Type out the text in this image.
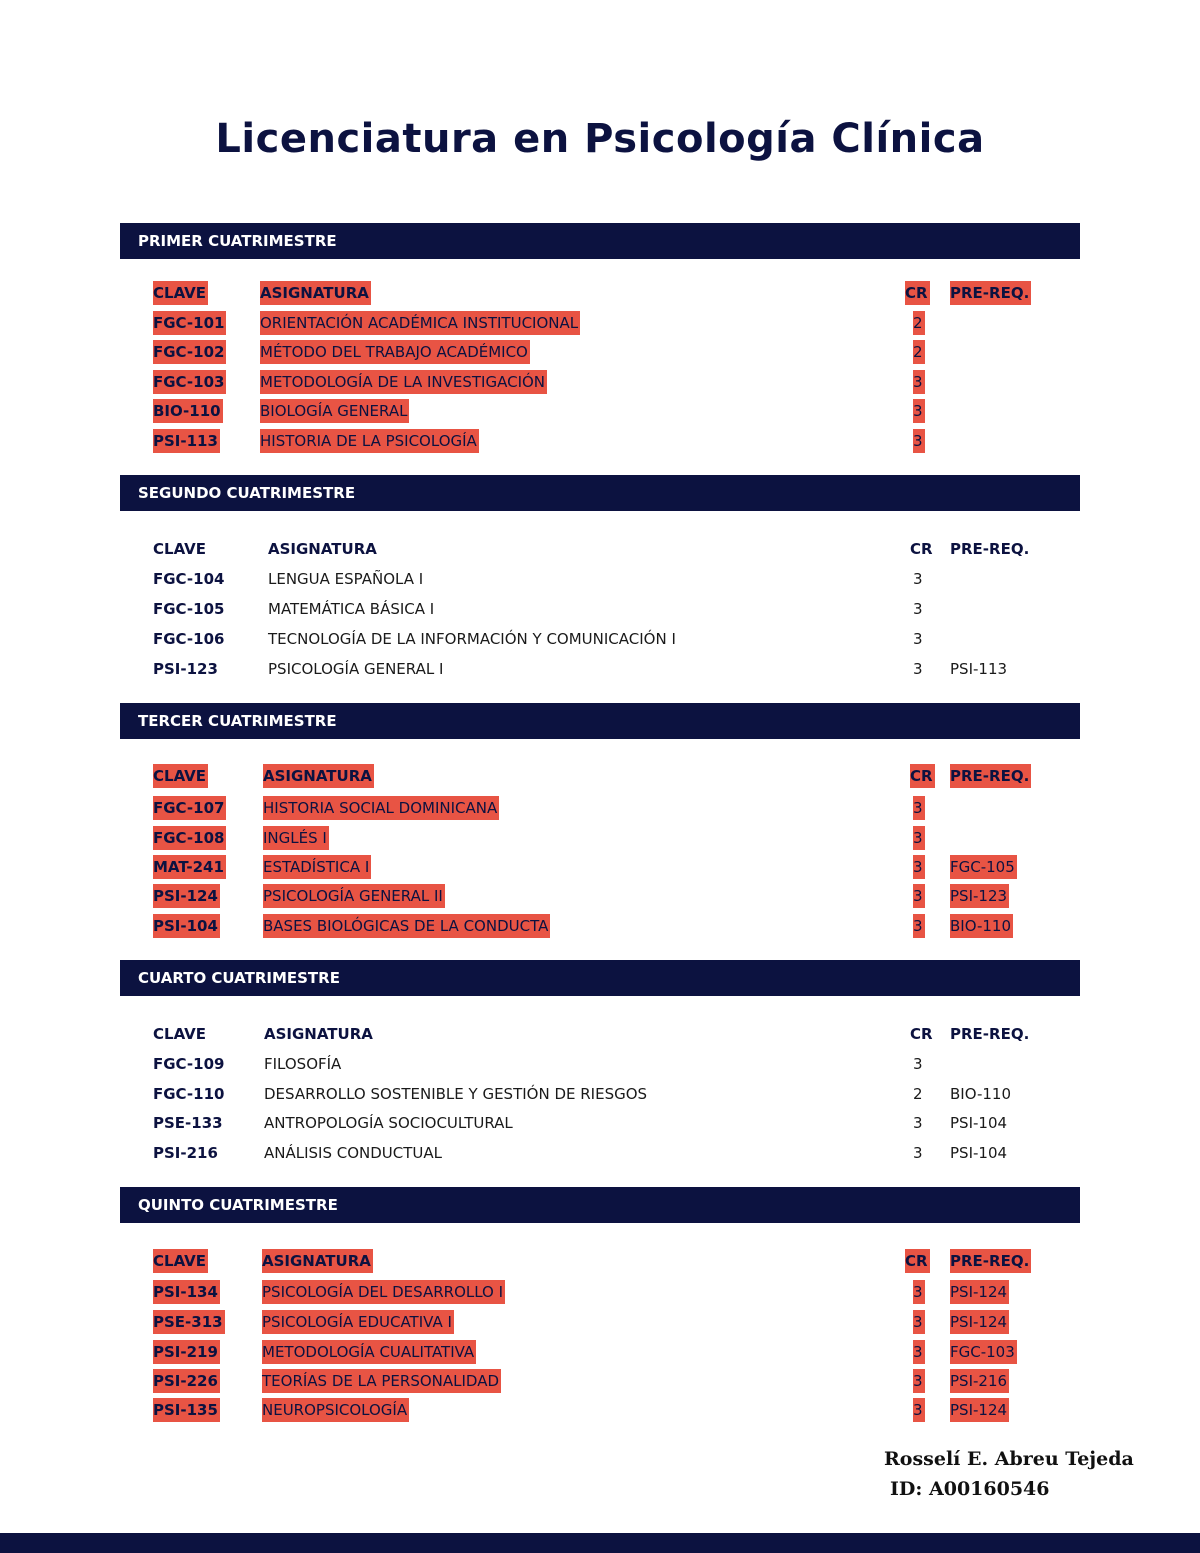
Licenciatura en Psicología Clínica
PRIMER CUATRIMESTRE
CLAVE	ASIGNATURA	CR PRE-REQ.
FGC-101 ORIENTACIÓN ACADÉMICA INSTITUCIONAL	2
FGC-102 MÉTODO DEL TRABAJO ACADÉMICO	2
FGC-103 METODOLOGÍA DE LA INVESTIGACIÓN	3
BIO-110	BIOLOGÍA GENERAL	3
PSI-113	HISTORIA DE LA PSICOLOGÍA	3
SEGUNDO CUATRIMESTRE
CLAVE	ASIGNATURA	CR PRE-REQ.
FGC-104	LENGUA ESPAÑOLA I	3
FGC-105	MATEMÁTICA BÁSICA I	3
FGC-106	TECNOLOGÍA DE LA INFORMACIÓN Y COMUNICACIÓN I	3
PSI-123	PSICOLOGÍA GENERAL I	3 PSI-113
TERCER CUATRIMESTRE
CLAVE	ASIGNATURA	CR PRE-REQ.
FGC-107	HISTORIA SOCIAL DOMINICANA	3
FGC-108	INGLÉS I	3
MAT-241	ESTADÍSTICA I	3 FGC-105
PSI-124	PSICOLOGÍA GENERAL II	3 PSI-123
PSI-104	BASES BIOLÓGICAS DE LA CONDUCTA	3 BIO-110
CUARTO CUATRIMESTRE
CLAVE	ASIGNATURA	CR PRE-REQ.
FGC-109	FILOSOFÍA	3
FGC-110	DESARROLLO SOSTENIBLE Y GESTIÓN DE RIESGOS	2 BIO-110
PSE-133	ANTROPOLOGÍA SOCIOCULTURAL	3 PSI-104
PSI-216	ANÁLISIS CONDUCTUAL	3 PSI-104
QUINTO CUATRIMESTRE
CLAVE	ASIGNATURA	CR PRE-REQ.
PSI-134	PSICOLOGÍA DEL DESARROLLO I	3 PSI-124
PSE-313	PSICOLOGÍA EDUCATIVA I	3 PSI-124
PSI-219	METODOLOGÍA CUALITATIVA	3 FGC-103
PSI-226	TEORÍAS DE LA PERSONALIDAD	3 PSI-216
PSI-135	NEUROPSICOLOGÍA	3 PSI-124
Rosselí E. Abreu Tejeda
ID: A00160546
